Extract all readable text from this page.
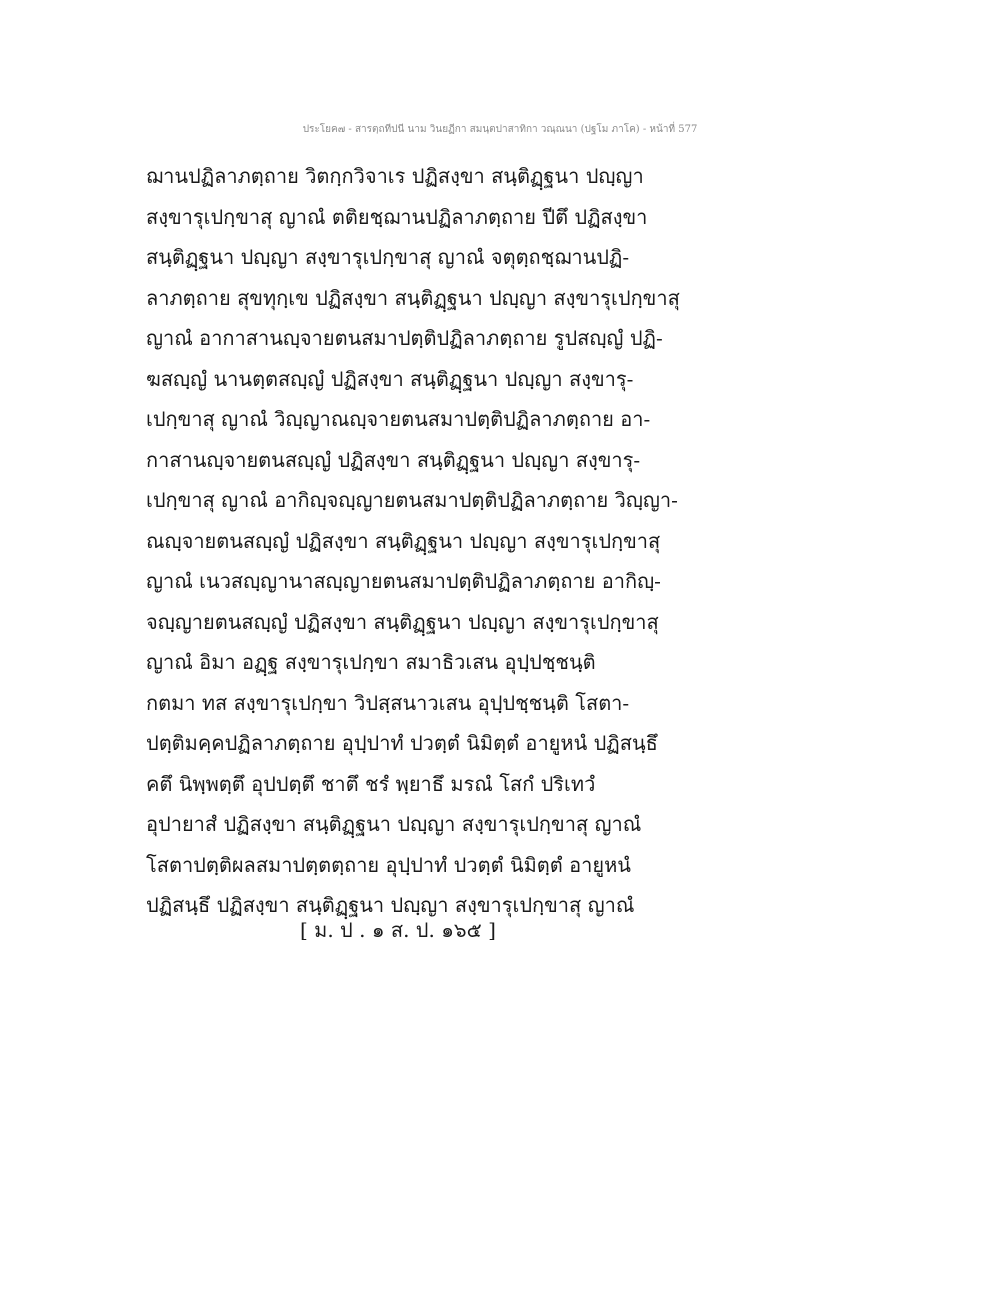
ประโยค๗ - สารตฺถทีปนี นาม วินยฏีกา สมนฺตปาสาทิกา วณฺณนา (ปฐโม ภาโค) - หน้าที่ 577
ฌานปฏิลาภตฺถาย วิตกฺกวิจาเร ปฏิสงฺขา สนฺติฏฺฐนา ปญฺญา
สงฺขารุเปกฺขาสุ ญาณํ ตติยชฺฌานปฏิลาภตฺถาย ปีตึ ปฏิสงฺขา
สนฺติฏฺฐนา ปญฺญา สงฺขารุเปกฺขาสุ ญาณํ จตุตฺถชฺฌานปฏิ-
ลาภตฺถาย สุขทุกฺเข ปฏิสงฺขา สนฺติฏฺฐนา ปญฺญา สงฺขารุเปกฺขาสุ
ญาณํ อากาสานญฺจายตนสมาปตฺติปฏิลาภตฺถาย รูปสญฺญํ ปฏิ-
ฆสญฺญํ นานตฺตสญฺญํ ปฏิสงฺขา สนฺติฏฺฐนา ปญฺญา สงฺขารุ-
เปกฺขาสุ ญาณํ วิญฺญาณญฺจายตนสมาปตฺติปฏิลาภตฺถาย อา-
กาสานญฺจายตนสญฺญํ ปฏิสงฺขา สนฺติฏฺฐนา ปญฺญา สงฺขารุ-
เปกฺขาสุ ญาณํ อากิญฺจญฺญายตนสมาปตฺติปฏิลาภตฺถาย วิญฺญา-
ณญฺจายตนสญฺญํ ปฏิสงฺขา สนฺติฏฺฐนา ปญฺญา สงฺขารุเปกฺขาสุ
ญาณํ เนวสญฺญานาสญฺญายตนสมาปตฺติปฏิลาภตฺถาย อากิญฺ-
จญฺญายตนสญฺญํ ปฏิสงฺขา สนฺติฏฺฐนา ปญฺญา สงฺขารุเปกฺขาสุ
ญาณํ อิมา อฏฺฐ สงฺขารุเปกฺขา สมาธิวเสน อุปฺปชฺชนฺติ
กตมา ทส สงฺขารุเปกฺขา วิปสฺสนาวเสน อุปฺปชฺชนฺติ โสตา-
ปตฺติมคฺคปฏิลาภตฺถาย อุปฺปาทํ ปวตฺตํ นิมิตฺตํ อายูหนํ ปฏิสนฺธึ
คตึ นิพฺพตฺตึ อุปปตฺตึ ชาตึ ชรํ พฺยาธึ มรณํ โสกํ ปริเทวํ
อุปายาสํ ปฏิสงฺขา สนฺติฏฺฐนา ปญฺญา สงฺขารุเปกฺขาสุ ญาณํ
โสตาปตฺติผลสมาปตฺตตฺถาย อุปฺปาทํ ปวตฺตํ นิมิตฺตํ อายูหนํ
ปฏิสนฺธึ ปฏิสงฺขา สนฺติฏฺฐนา ปญฺญา สงฺขารุเปกฺขาสุ ญาณํ
[ ม. ป . ๑ ส. ป. ๑๖๕ ]
